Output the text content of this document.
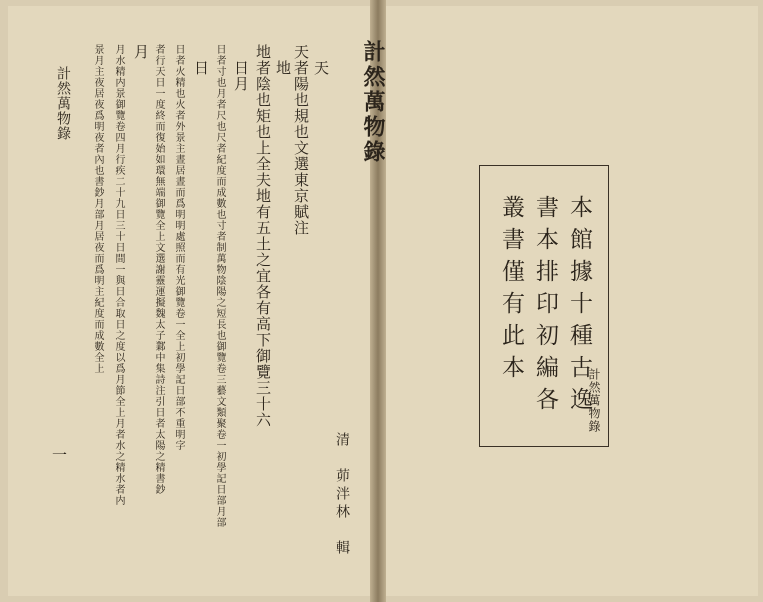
計然萬物錄	天
天者陽也規也文選東京賦注
地
地者陰也矩也上全夫地有五土之宜各有高下御覽三十六
日月
日者寸也月者尺也尺者紀度而成數也寸者制萬物陰陽之短長也御覽卷三藝文類聚卷一初學記日部月部
日
日者火精也火者外景主晝居晝而爲明明處照而有光御覽卷一全上初學記日部不重明字
者行天日一度終而復始如環無端御覽全上文選謝靈運擬魏太子鄴中集詩注引日者太陽之精書鈔
月
月水精内景御覽卷四月行疾二十九日三十日間一與日合取日之度以爲月節全上月者水之精水者内
景月主夜居夜爲明夜者內也書鈔月部月居夜而爲明主紀度而成數全上
一
計然萬物錄
清　茆泮林　輯
本館據十種古逸
書本排印初編各
叢書僅有此本
計然萬物錄
